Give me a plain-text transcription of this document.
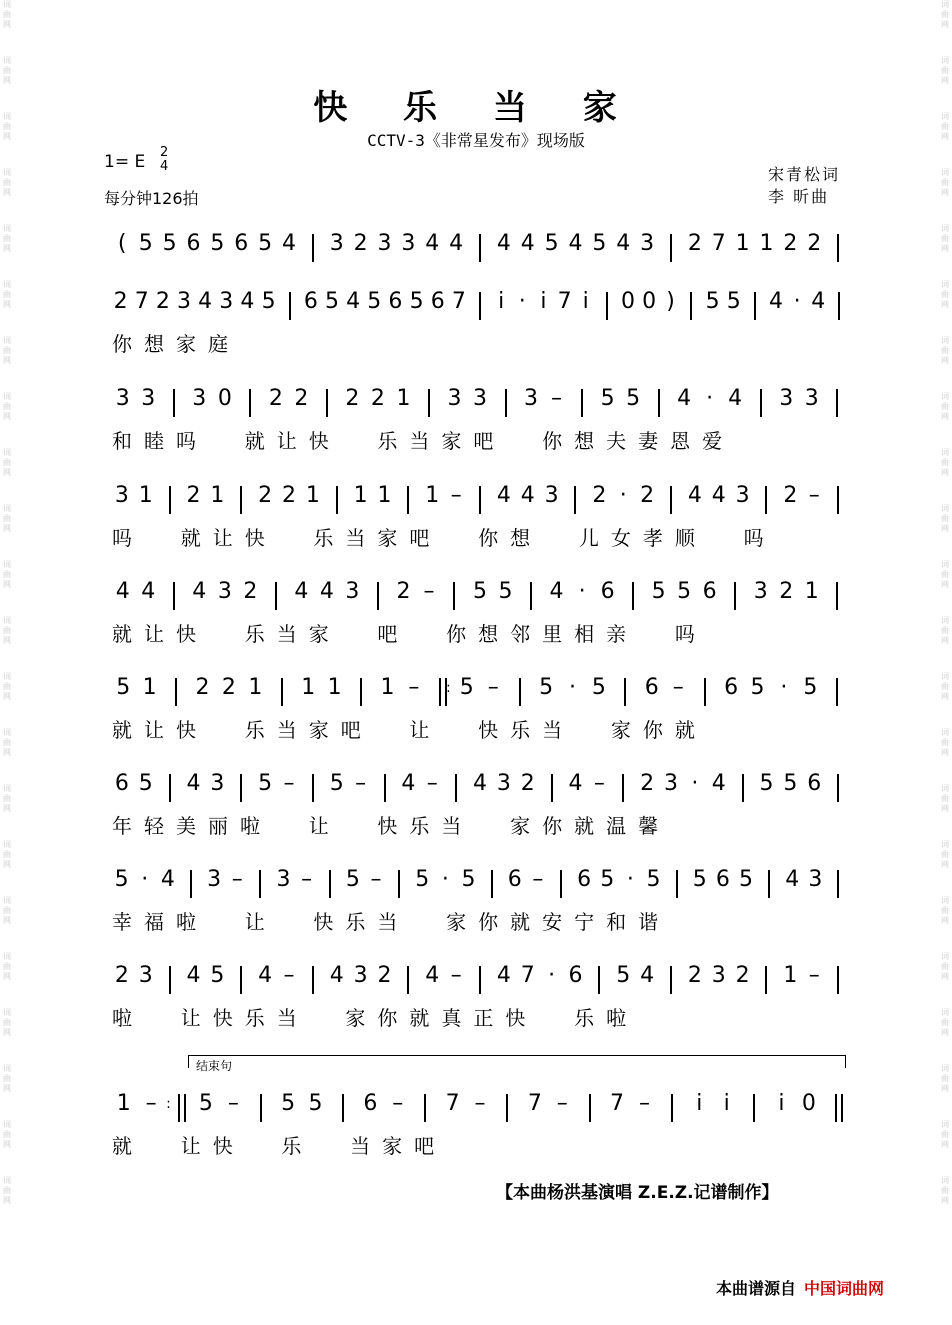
词
曲
网
词
曲
网
词
曲
网
词
曲
网
词
曲
网
词
曲
网
词
曲
网
词
曲
网
词
曲
网
词
曲
网
词
曲
网
词
曲
网
词
曲
网
词
曲
网
词
曲
网
词
曲
网
词
曲
网
词
曲
网
词
曲
网
词
曲
网
词
曲
网
词
曲
网
词
曲
网
词
曲
网
词
曲
网
词
曲
网
词
曲
网
词
曲
网
词
曲
网
词
曲
网
词
曲
网
词
曲
网
词
曲
网
词
曲
网
词
曲
网
词
曲
网
词
曲
网
词
曲
网
词
曲
网
词
曲
网
词
曲
网
词
曲
网
词
曲
网
词
曲
网
快 乐 当 家
CCTV-3《非常星发布》现场版
1= E 2
4
每分钟126拍
宋青松词
李 昕曲
( 5 5 6 5 6 5 4 3 2 3 3 4 4 4 4 5 4 5 4 3 2 7 1 1 2 2
2 7 2 3 4 3 4 5 6 5 4 5 6 5 6 7 i · i 7 i 0 0 ) 5 5 4 · 4
你想家庭
3 3 3 0 2 2 2 2 1 3 3 3 – 5 5 4 · 4 3 3
和睦吗  就让快  乐当家吧  你想夫妻恩爱
3 1 2 1 2 2 1 1 1 1 – 4 4 3 2 · 2 4 4 3 2 –
吗  就让快  乐当家吧  你想  儿女孝顺  吗
4 4 4 3 2 4 4 3 2 – 5 5 4 · 6 5 5 6 3 2 1
就让快  乐当家  吧  你想邻里相亲  吗
5 1 2 2 1 1 1 1 – : 5 – 5 · 5 6 – 6 5 · 5
就让快  乐当家吧  让  快乐当  家你就
6 5 4 3 5 – 5 – 4 – 4 3 2 4 – 2 3 · 4 5 5 6
年轻美丽啦  让  快乐当  家你就温馨
5 · 4 3 – 3 – 5 – 5 · 5 6 – 6 5 · 5 5 6 5 4 3
幸福啦  让  快乐当  家你就安宁和谐
2 3 4 5 4 – 4 3 2 4 – 4 7 · 6 5 4 2 3 2 1 –
啦  让快乐当  家你就真正快  乐啦
1 – : 5 – 5 5 6 – 7 – 7 – 7 – i i i 0
就  让快  乐  当家吧
结束句
【本曲杨洪基演唱 Z.E.Z.记谱制作】
本曲谱源自 中国词曲网
